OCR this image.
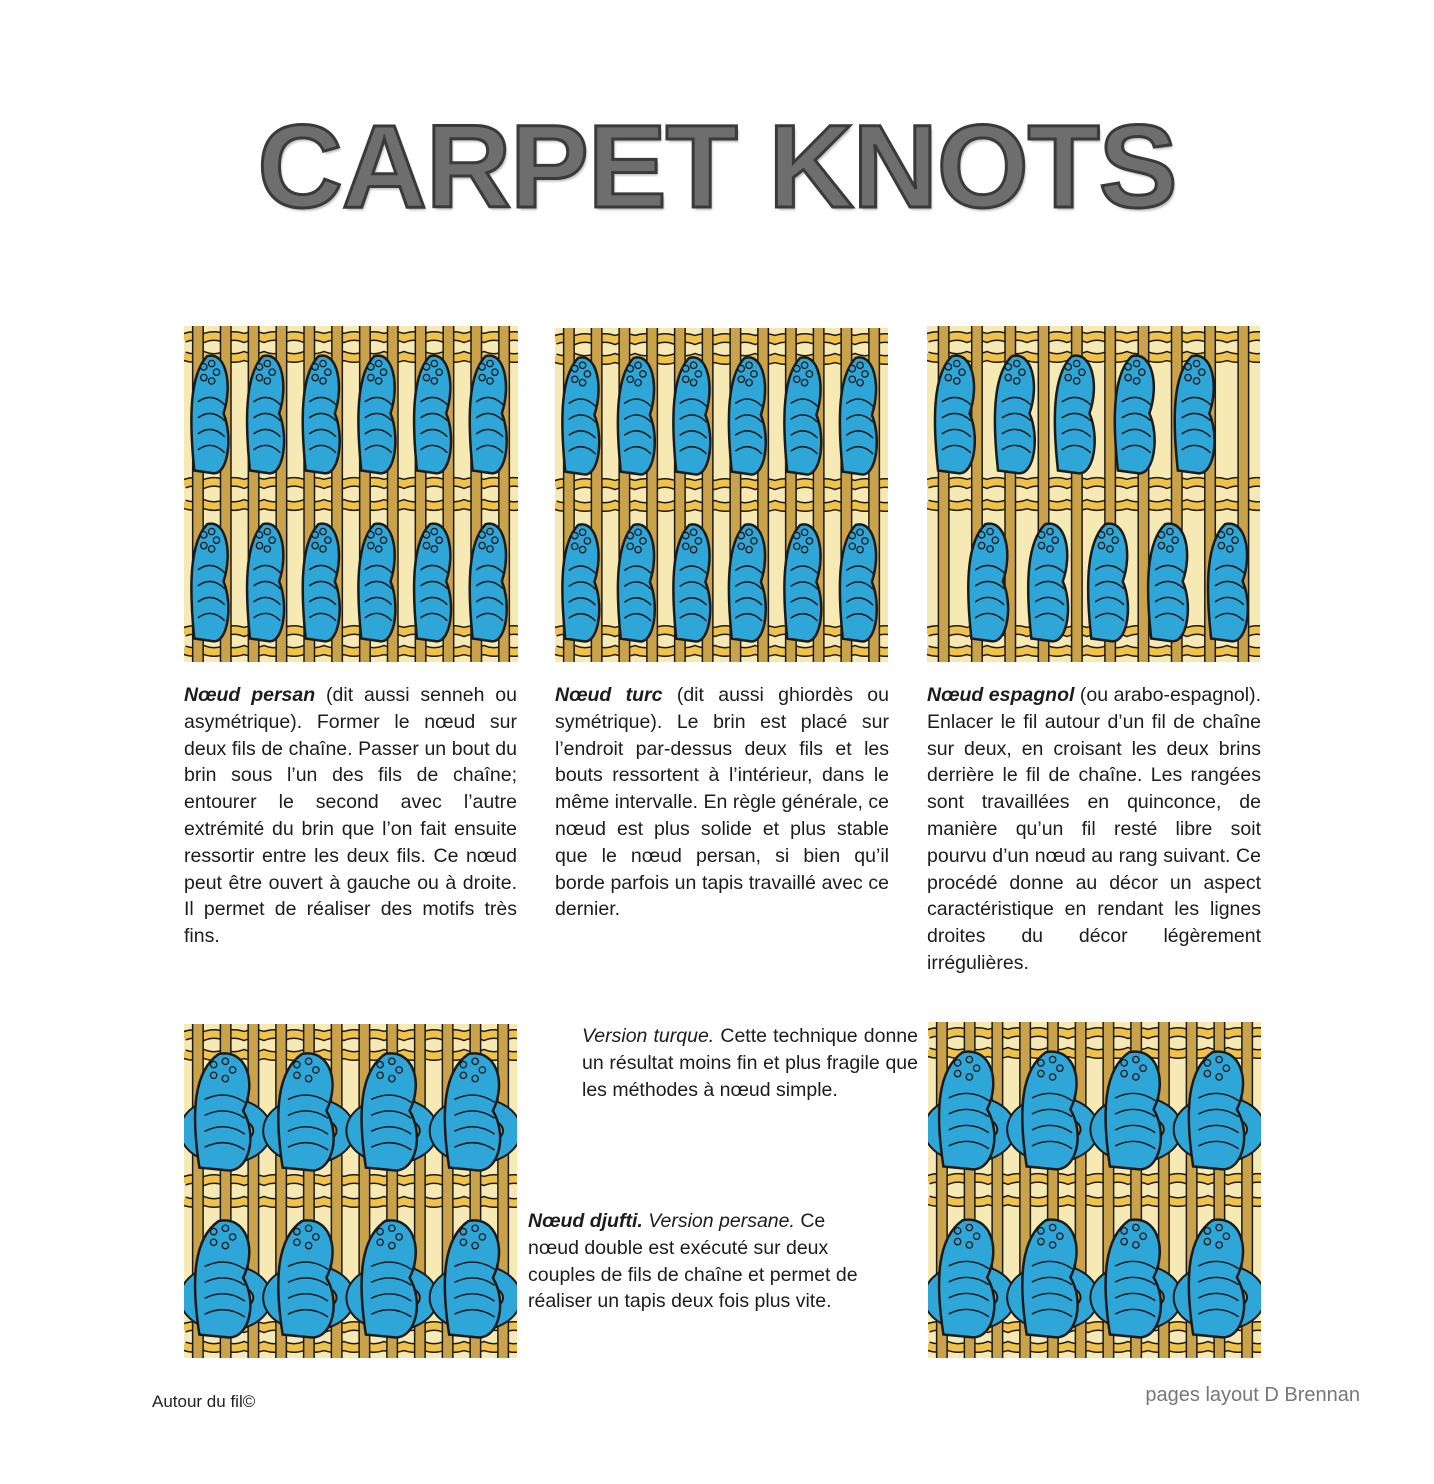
CARPET KNOTS
Nœud persan (dit aussi senneh ou asymétrique). Former le nœud sur deux fils de chaîne. Passer un bout du brin sous l’un des fils de chaîne; entourer le second avec l’autre extrémité du brin que l’on fait ensuite ressortir entre les deux fils. Ce nœud peut être ouvert à gauche ou à droite. Il permet de réaliser des motifs très fins.
Nœud turc (dit aussi ghiordès ou symétrique). Le brin est placé sur l’endroit par-dessus deux fils et les bouts ressortent à l’intérieur, dans le même intervalle. En règle générale, ce nœud est plus solide et plus stable que le nœud persan, si bien qu’il borde parfois un tapis travaillé avec ce dernier.
Nœud espagnol (ou arabo-espagnol). Enlacer le fil autour d’un fil de chaîne sur deux, en croisant les deux brins derrière le fil de chaîne. Les rangées sont travaillées en quinconce, de manière qu’un fil resté libre soit pourvu d’un nœud au rang suivant. Ce procédé donne au décor un aspect caractéristique en rendant les lignes droites du décor légèrement irrégulières.
Version turque. Cette technique donne un résultat moins fin et plus fragile que les méthodes à nœud simple.
Nœud djufti. Version persane. Ce nœud double est exécuté sur deux couples de fils de chaîne et permet de réaliser un tapis deux fois plus vite.
Autour du fil©	pages layout D Brennan
